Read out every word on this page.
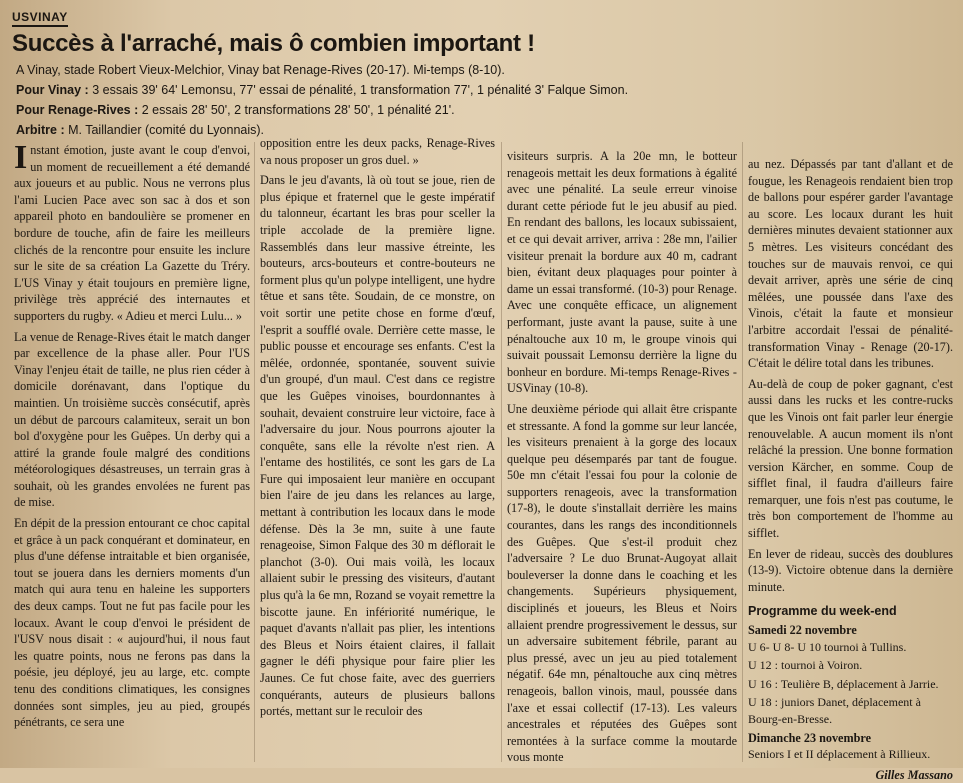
USVINAY
Succès à l'arraché, mais ô combien important !
A Vinay, stade Robert Vieux-Melchior, Vinay bat Renage-Rives (20-17). Mi-temps (8-10).
Pour Vinay : 3 essais 39' 64' Lemonsu, 77' essai de pénalité, 1 transformation 77', 1 pénalité 3' Falque Simon.
Pour Renage-Rives : 2 essais 28' 50', 2 transformations 28' 50', 1 pénalité 21'.
Arbitre : M. Taillandier (comité du Lyonnais).

Instant émotion, juste avant le coup d'envoi, un moment de recueillement a été demandé aux joueurs et au public. Nous ne verrons plus l'ami Lucien Pace avec son sac à dos et son appareil photo en bandoulière se promener en bordure de touche, afin de faire les meilleurs clichés de la rencontre pour ensuite les inclure sur le site de sa création La Gazette du Tréry. L'US Vinay y était toujours en première ligne, privilège très apprécié des internautes et supporters du rugby. « Adieu et merci Lulu... »

La venue de Renage-Rives était le match danger par excellence de la phase aller. Pour l'US Vinay l'enjeu était de taille, ne plus rien céder à domicile dorénavant, dans l'optique du maintien. Un troisième succès consécutif, après un début de parcours calamiteux, serait un bon bol d'oxygène pour les Guêpes. Un derby qui a attiré la grande foule malgré des conditions météorologiques désastreuses, un terrain gras à souhait, où les grandes envolées ne furent pas de mise.

En dépit de la pression entourant ce choc capital et grâce à un pack conquérant et dominateur, en plus d'une défense intraitable et bien organisée, tout se jouera dans les derniers moments d'un match qui aura tenu en haleine les supporters des deux camps. Tout ne fut pas facile pour les locaux. Avant le coup d'envoi le président de l'USV nous disait : « aujourd'hui, il nous faut les quatre points, nous ne ferons pas dans la poésie, jeu déployé, jeu au large, etc. compte tenu des conditions climatiques, les consignes données sont simples, jeu au pied, groupés pénétrants, ce sera une

opposition entre les deux packs, Renage-Rives va nous proposer un gros duel. »

Dans le jeu d'avants, là où tout se joue, rien de plus épique et fraternel que le geste impératif du talonneur, écartant les bras pour sceller la triple accolade de la première ligne. Rassemblés dans leur massive étreinte, les bouteurs, arcs-bouteurs et contre-bouteurs ne forment plus qu'un polype intelligent, une hydre têtue et sans tête. Soudain, de ce monstre, on voit sortir une petite chose en forme d'œuf, l'esprit a soufflé ovale. Derrière cette masse, le public pousse et encourage ses enfants. C'est la mêlée, ordonnée, spontanée, souvent suivie d'un groupé, d'un maul. C'est dans ce registre que les Guêpes vinoises, bourdonnantes à souhait, devaient construire leur victoire, face à l'adversaire du jour. Nous pourrons ajouter la conquête, sans elle la révolte n'est rien. A l'entame des hostilités, ce sont les gars de La Fure qui imposaient leur manière en occupant bien l'aire de jeu dans les relances au large, mettant à contribution les locaux dans le mode défense. Dès la 3e mn, suite à une faute renageoise, Simon Falque des 30 m déflorait le planchot (3-0). Oui mais voilà, les locaux allaient subir le pressing des visiteurs, d'autant plus qu'à la 6e mn, Rozand se voyait remettre la biscotte jaune. En infériorité numérique, le paquet d'avants n'allait pas plier, les intentions des Bleus et Noirs étaient claires, il fallait gagner le défi physique pour faire plier les Jaunes. Ce fut chose faite, avec des guerriers conquérants, auteurs de plusieurs ballons portés, mettant sur le reculoir des

visiteurs surpris. A la 20e mn, le botteur renageois mettait les deux formations à égalité avec une pénalité. La seule erreur vinoise durant cette période fut le jeu abusif au pied. En rendant des ballons, les locaux subissaient, et ce qui devait arriver, arriva : 28e mn, l'ailier visiteur prenait la bordure aux 40 m, cadrant bien, évitant deux plaquages pour pointer à dame un essai transformé. (10-3) pour Renage. Avec une conquête efficace, un alignement performant, juste avant la pause, suite à une pénaltouche aux 10 m, le groupe vinois qui suivait poussait Lemonsu derrière la ligne du bonheur en bordure. Mi-temps Renage-Rives - USVinay (10-8).

Une deuxième période qui allait être crispante et stressante. A fond la gomme sur leur lancée, les visiteurs prenaient à la gorge des locaux quelque peu désemparés par tant de fougue. 50e mn c'était l'essai fou pour la colonie de supporters renageois, avec la transformation (17-8), le doute s'installait derrière les mains courantes, dans les rangs des inconditionnels des Guêpes. Que s'est-il produit chez l'adversaire ? Le duo Brunat-Augoyat allait bouleverser la donne dans le coaching et les changements. Supérieurs physiquement, disciplinés et joueurs, les Bleus et Noirs allaient prendre progressivement le dessus, sur un adversaire subitement fébrile, parant au plus pressé, avec un jeu au pied totalement négatif. 64e mn, pénaltouche aux cinq mètres renageois, ballon vinois, maul, poussée dans l'axe et essai collectif (17-13). Les valeurs ancestrales et réputées des Guêpes sont remontées à la surface comme la moutarde vous monte

au nez. Dépassés par tant d'allant et de fougue, les Renageois rendaient bien trop de ballons pour espérer garder l'avantage au score. Les locaux durant les huit dernières minutes devaient stationner aux 5 mètres. Les visiteurs concédant des touches sur de mauvais renvoi, ce qui devait arriver, après une série de cinq mêlées, une poussée dans l'axe des Vinois, c'était la faute et monsieur l'arbitre accordait l'essai de pénalité-transformation Vinay - Renage (20-17). C'était le délire total dans les tribunes.

Au-delà de coup de poker gagnant, c'est aussi dans les rucks et les contre-rucks que les Vinois ont fait parler leur énergie renouvelable. A aucun moment ils n'ont relâché la pression. Une bonne formation version Kärcher, en somme. Coup de sifflet final, il faudra d'ailleurs faire remarquer, une fois n'est pas coutume, le très bon comportement de l'homme au sifflet.

En lever de rideau, succès des doublures (13-9). Victoire obtenue dans la dernière minute.

Programme du week-end
Samedi 22 novembre
U 6- U 8- U 10 tournoi à Tullins.
U 12 : tournoi à Voiron.
U 16 : Teulière B, déplacement à Jarrie.
U 18 : juniors Danet, déplacement à Bourg-en-Bresse.
Dimanche 23 novembre
Seniors I et II déplacement à Rillieux.
Gilles Massano
